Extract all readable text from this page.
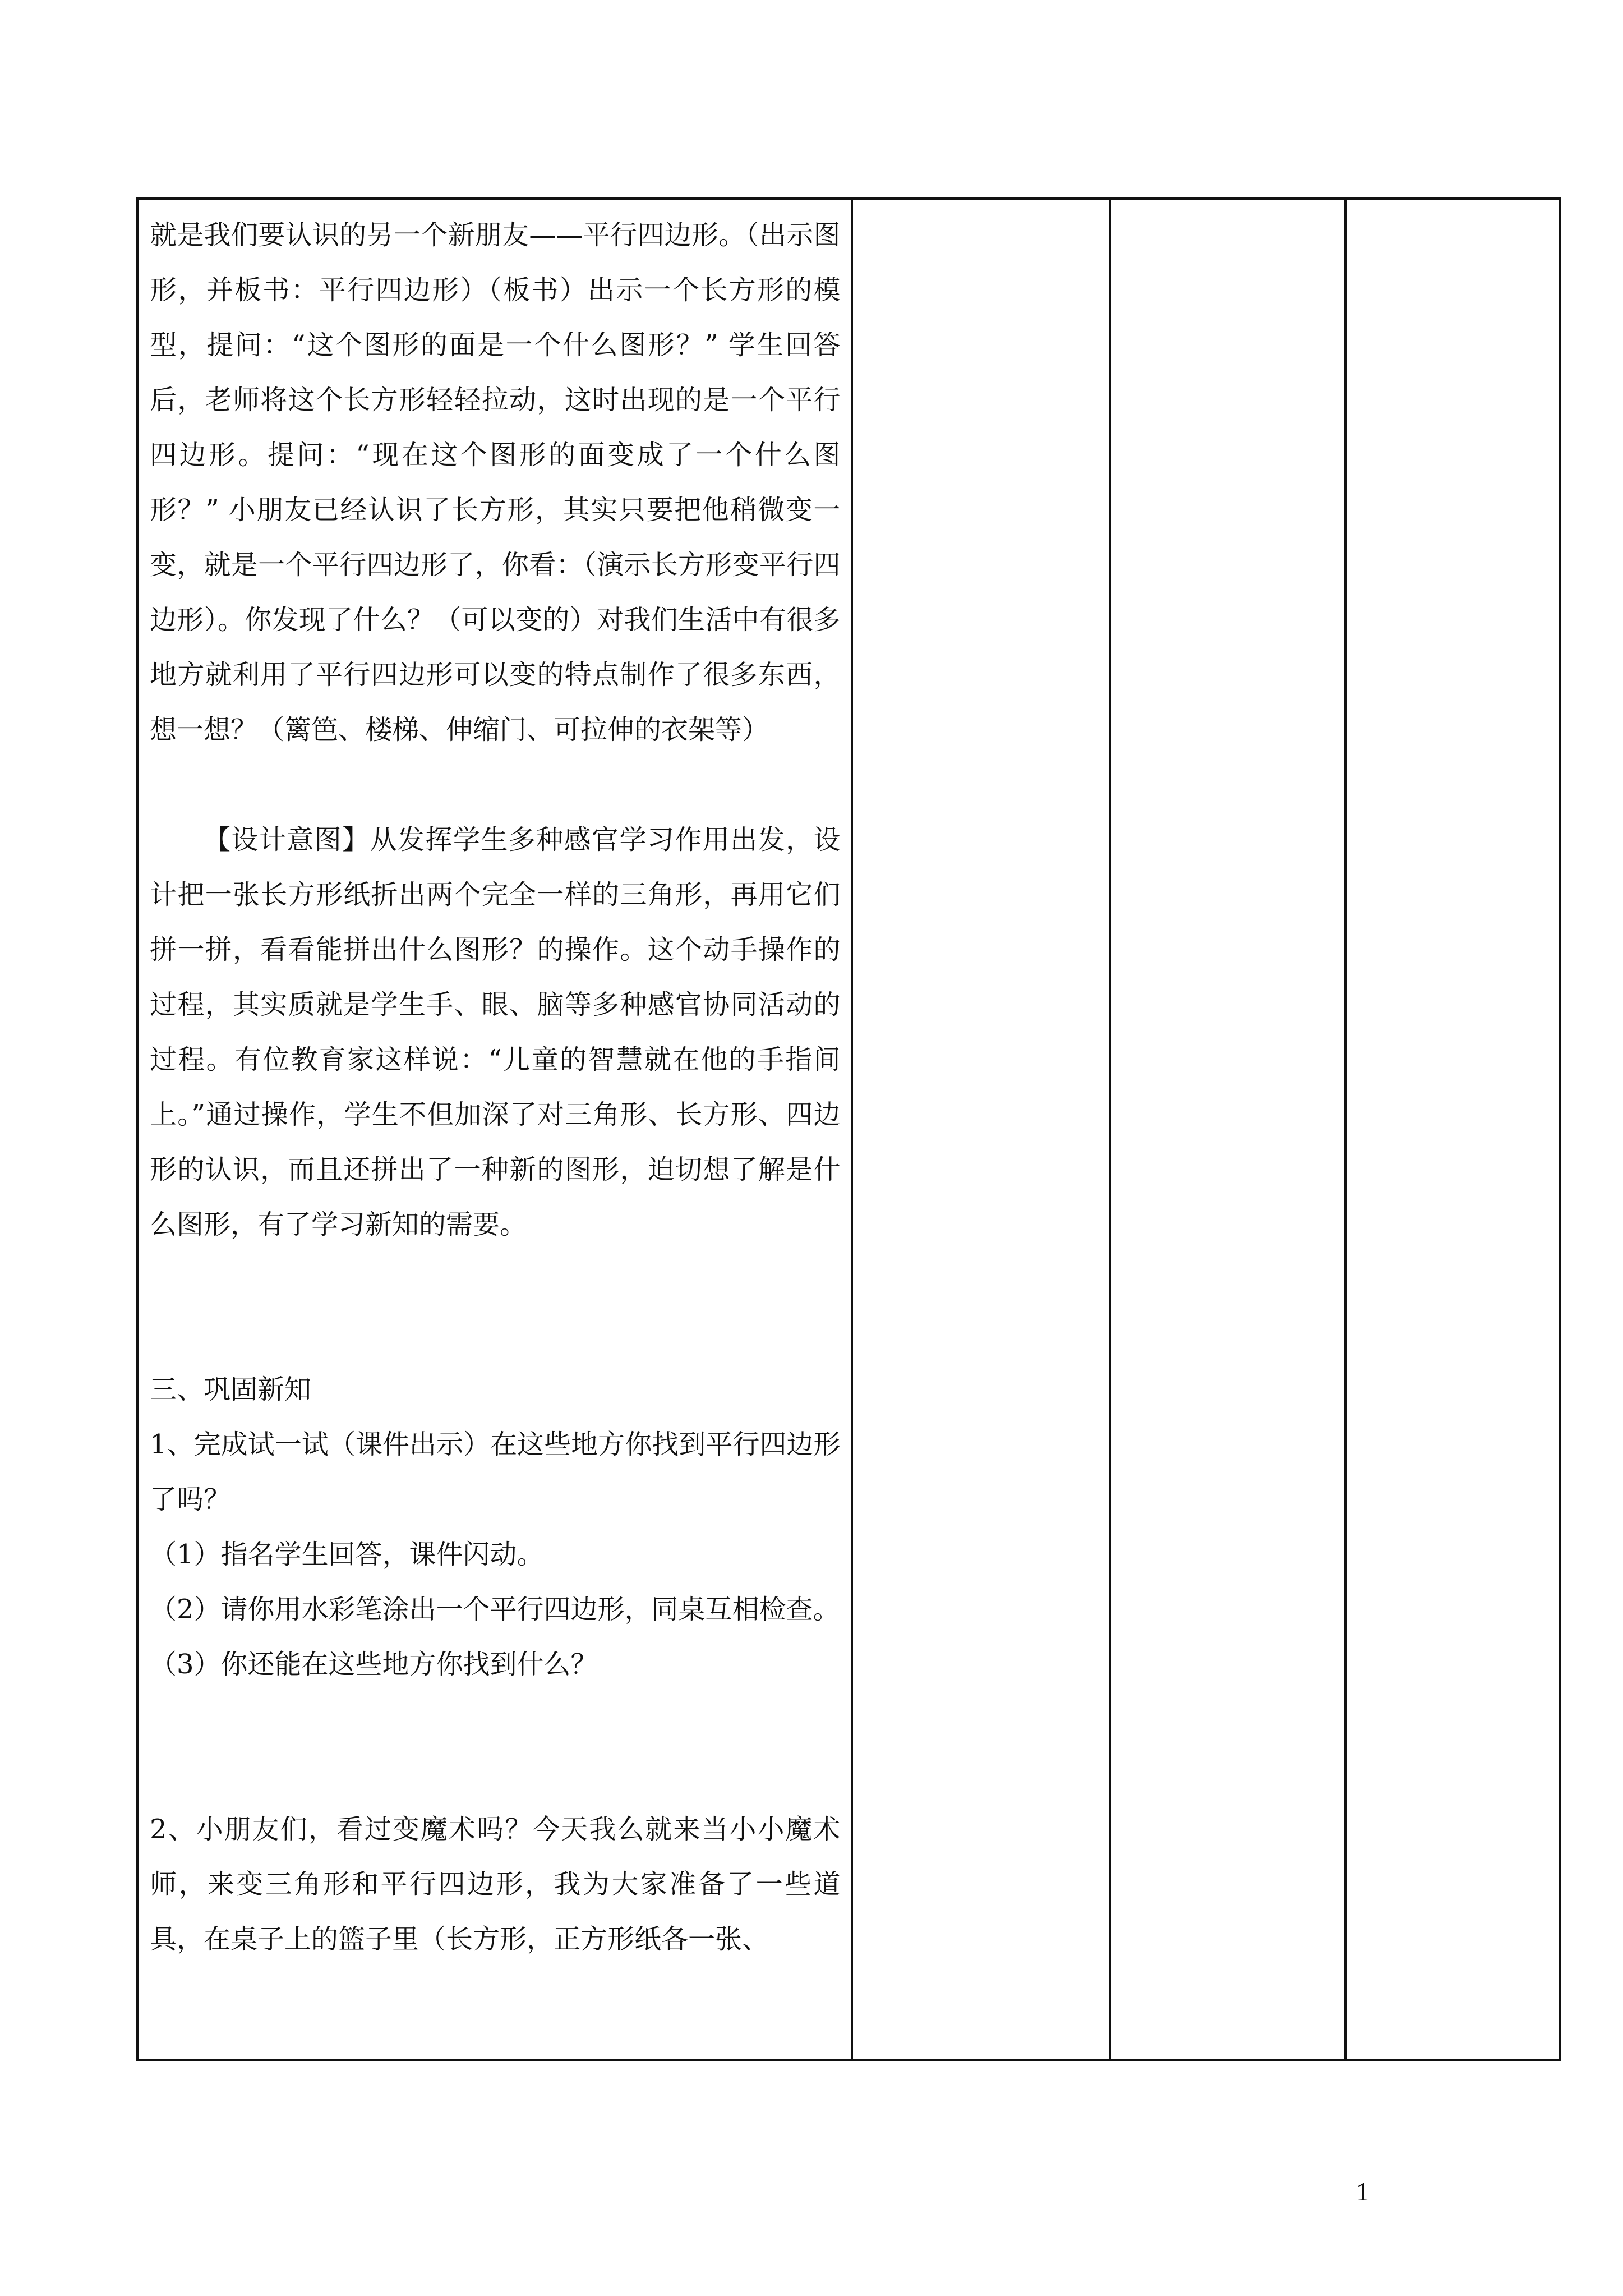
就是我们要认识的另一个新朋友——平行四边形。（出示图形，并板书：平行四边形）（板书）出示一个长方形的模型，提问：“这个图形的面是一个什么图形？” 学生回答后，老师将这个长方形轻轻拉动，这时出现的是一个平行四边形。提问：“现在这个图形的面变成了一个什么图形？” 小朋友已经认识了长方形，其实只要把他稍微变一变，就是一个平行四边形了，你看：（演示长方形变平行四边形）。你发现了什么？（可以变的）对我们生活中有很多地方就利用了平行四边形可以变的特点制作了很多东西，想一想？（篱笆、楼梯、伸缩门、可拉伸的衣架等）

【设计意图】从发挥学生多种感官学习作用出发，设计把一张长方形纸折出两个完全一样的三角形，再用它们拼一拼，看看能拼出什么图形？的操作。这个动手操作的过程，其实质就是学生手、眼、脑等多种感官协同活动的过程。有位教育家这样说：“儿童的智慧就在他的手指间上。”通过操作，学生不但加深了对三角形、长方形、四边形的认识，而且还拼出了一种新的图形，迫切想了解是什么图形，有了学习新知的需要。

三、巩固新知

1、完成试一试（课件出示）在这些地方你找到平行四边形了吗？

（1）指名学生回答，课件闪动。

（2）请你用水彩笔涂出一个平行四边形，同桌互相检查。

（3）你还能在这些地方你找到什么？

2、小朋友们，看过变魔术吗？今天我么就来当小小魔术师，来变三角形和平行四边形，我为大家准备了一些道具，在桌子上的篮子里（长方形，正方形纸各一张、

1
